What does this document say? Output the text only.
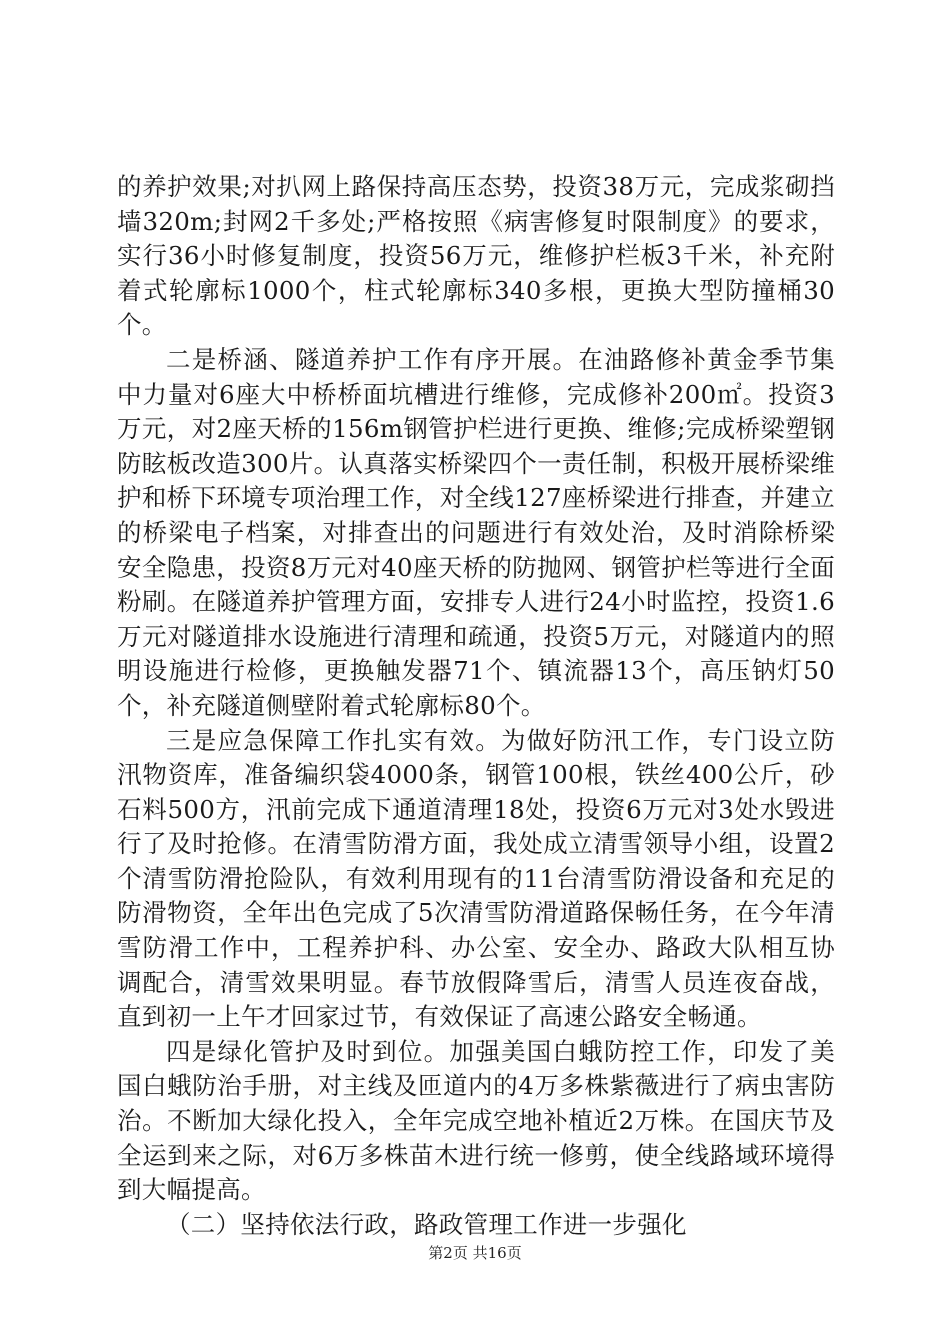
的养护效果;对扒网上路保持高压态势，投资38万元，完成浆砌挡墙320m;封网2千多处;严格按照《病害修复时限制度》的要求，实行36小时修复制度，投资56万元，维修护栏板3千米，补充附着式轮廓标1000个，柱式轮廓标340多根，更换大型防撞桶30个。

二是桥涵、隧道养护工作有序开展。在油路修补黄金季节集中力量对6座大中桥桥面坑槽进行维修，完成修补200㎡。投资3万元，对2座天桥的156m钢管护栏进行更换、维修;完成桥梁塑钢防眩板改造300片。认真落实桥梁四个一责任制，积极开展桥梁维护和桥下环境专项治理工作，对全线127座桥梁进行排查，并建立的桥梁电子档案，对排查出的问题进行有效处治，及时消除桥梁安全隐患，投资8万元对40座天桥的防抛网、钢管护栏等进行全面粉刷。在隧道养护管理方面，安排专人进行24小时监控，投资1.6万元对隧道排水设施进行清理和疏通，投资5万元，对隧道内的照明设施进行检修，更换触发器71个、镇流器13个，高压钠灯50个，补充隧道侧壁附着式轮廓标80个。

三是应急保障工作扎实有效。为做好防汛工作，专门设立防汛物资库，准备编织袋4000条，钢管100根，铁丝400公斤，砂石料500方，汛前完成下通道清理18处，投资6万元对3处水毁进行了及时抢修。在清雪防滑方面，我处成立清雪领导小组，设置2个清雪防滑抢险队，有效利用现有的11台清雪防滑设备和充足的防滑物资，全年出色完成了5次清雪防滑道路保畅任务，在今年清雪防滑工作中，工程养护科、办公室、安全办、路政大队相互协调配合，清雪效果明显。春节放假降雪后，清雪人员连夜奋战，直到初一上午才回家过节，有效保证了高速公路安全畅通。

四是绿化管护及时到位。加强美国白蛾防控工作，印发了美国白蛾防治手册，对主线及匝道内的4万多株紫薇进行了病虫害防治。不断加大绿化投入，全年完成空地补植近2万株。在国庆节及全运到来之际，对6万多株苗木进行统一修剪，使全线路域环境得到大幅提高。

（二）坚持依法行政，路政管理工作进一步强化

第2页 共16页
